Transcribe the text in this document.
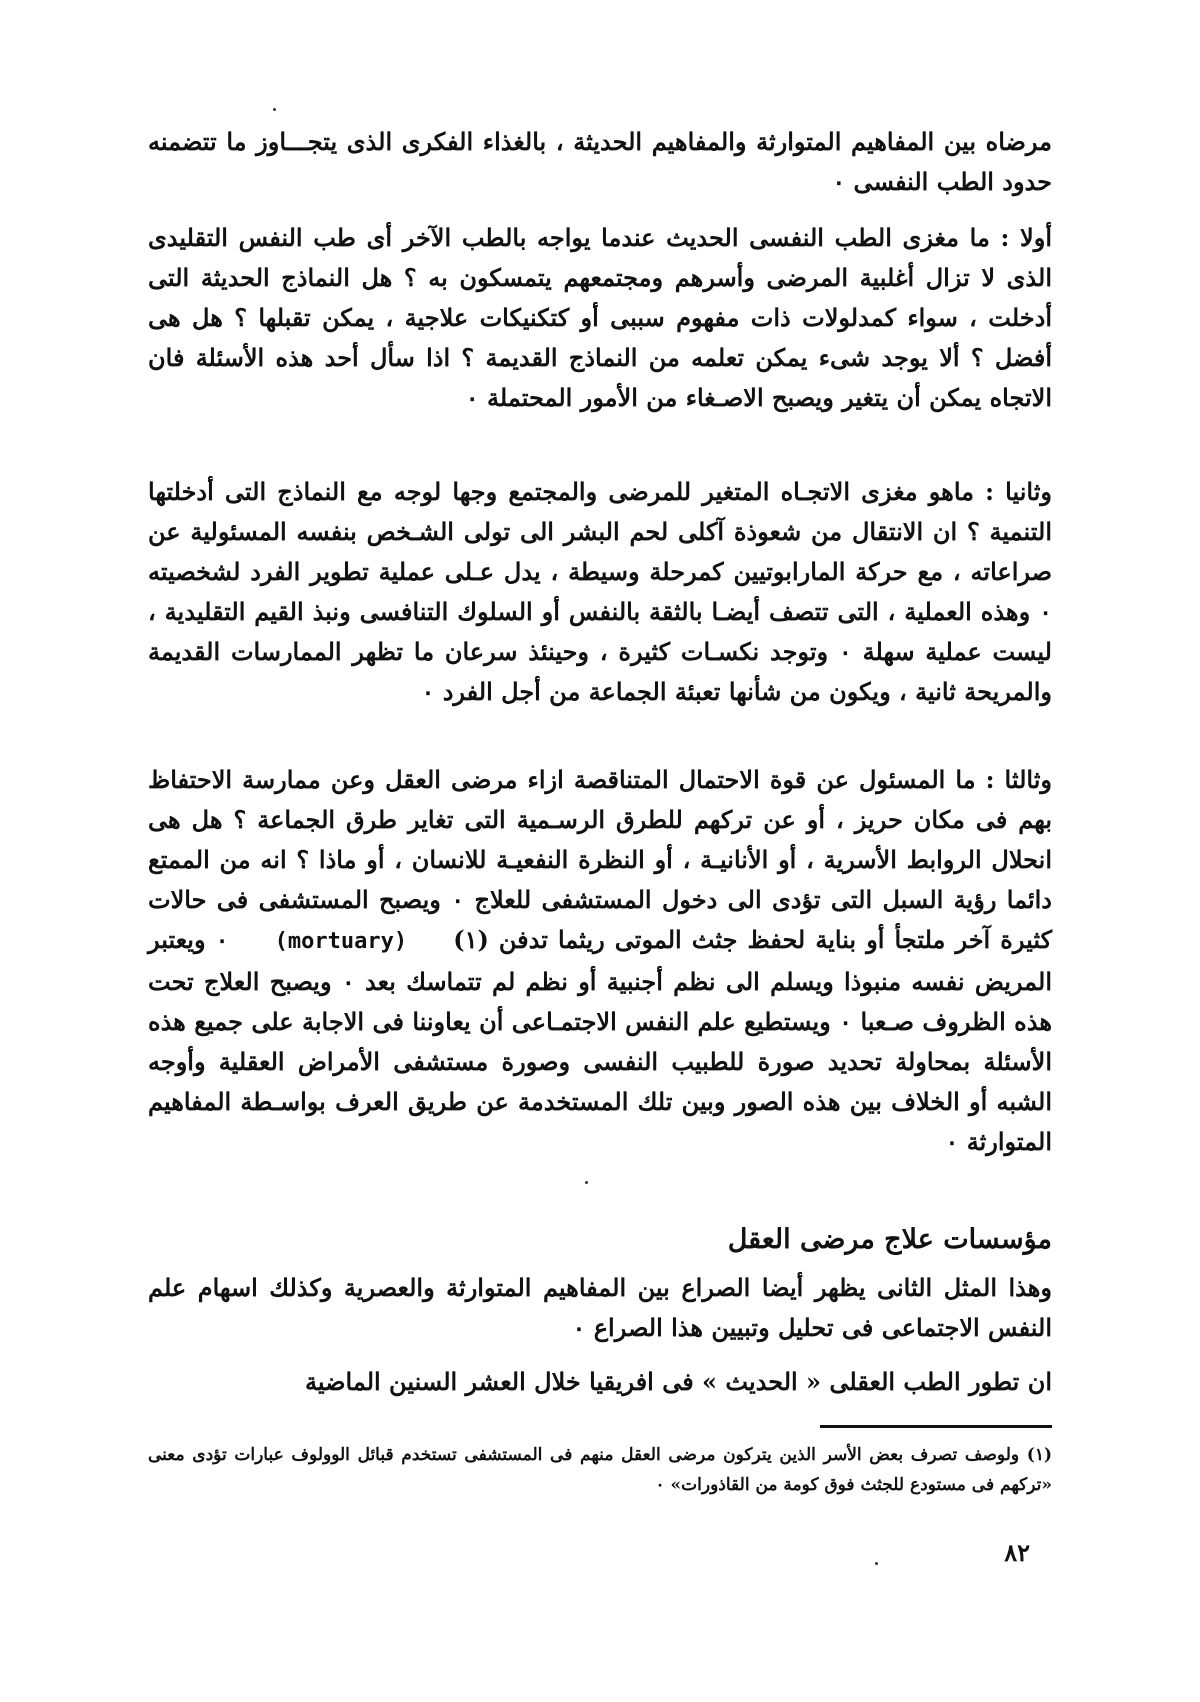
مرضاه بين المفاهيم المتوارثة والمفاهيم الحديثة ، بالغذاء الفكرى الذى يتجـــاوز ما تتضمنه حدود الطب النفسى ٠

أولا : ما مغزى الطب النفسى الحديث عندما يواجه بالطب الآخر أى طب النفس التقليدى الذى لا تزال أغلبية المرضى وأسرهم ومجتمعهم يتمسكون به ؟ هل النماذج الحديثة التى أدخلت ، سواء كمدلولات ذات مفهوم سببى أو كتكنيكات علاجية ، يمكن تقبلها ؟ هل هى أفضل ؟ ألا يوجد شىء يمكن تعلمه من النماذج القديمة ؟ اذا سأل أحد هذه الأسئلة فان الاتجاه يمكن أن يتغير ويصبح الاصـغاء من الأمور المحتملة ٠

وثانيا : ماهو مغزى الاتجـاه المتغير للمرضى والمجتمع وجها لوجه مع النماذج التى أدخلتها التنمية ؟ ان الانتقال من شعوذة آكلى لحم البشر الى تولى الشـخص بنفسه المسئولية عن صراعاته ، مع حركة المارابوتيين كمرحلة وسيطة ، يدل عـلى عملية تطوير الفرد لشخصيته ٠ وهذه العملية ، التى تتصف أيضـا بالثقة بالنفس أو السلوك التنافسى ونبذ القيم التقليدية ، ليست عملية سهلة ٠ وتوجد نكسـات كثيرة ، وحينئذ سرعان ما تظهر الممارسات القديمة والمريحة ثانية ، ويكون من شأنها تعبئة الجماعة من أجل الفرد ٠

وثالثا : ما المسئول عن قوة الاحتمال المتناقصة ازاء مرضى العقل وعن ممارسة الاحتفاظ بهم فى مكان حريز ، أو عن تركهم للطرق الرسـمية التى تغاير طرق الجماعة ؟ هل هى انحلال الروابط الأسرية ، أو الأنانيـة ، أو النظرة النفعيـة للانسان ، أو ماذا ؟ انه من الممتع دائما رؤية السبل التى تؤدى الى دخول المستشفى للعلاج ٠ ويصبح المستشفى فى حالات كثيرة آخر ملتجأ أو بناية لحفظ جثث الموتى ريثما تدفن (١) (mortuary) ٠ ويعتبر المريض نفسه منبوذا ويسلم الى نظم أجنبية أو نظم لم تتماسك بعد ٠ ويصبح العلاج تحت هذه الظروف صـعبا ٠ ويستطيع علم النفس الاجتمـاعى أن يعاوننا فى الاجابة على جميع هذه الأسئلة بمحاولة تحديد صورة للطبيب النفسى وصورة مستشفى الأمراض العقلية وأوجه الشبه أو الخلاف بين هذه الصور وبين تلك المستخدمة عن طريق العرف بواسـطة المفاهيم المتوارثة ٠

مؤسسات علاج مرضى العقل

وهذا المثل الثانى يظهر أيضا الصراع بين المفاهيم المتوارثة والعصرية وكذلك اسهام علم النفس الاجتماعى فى تحليل وتبيين هذا الصراع ٠

ان تطور الطب العقلى « الحديث » فى افريقيا خلال العشر السنين الماضية

(١) ولوصف تصرف بعض الأسر الذين يتركون مرضى العقل منهم فى المستشفى تستخدم قبائل الوولوف عبارات تؤدى معنى «تركهم فى مستودع للجثث فوق كومة من القاذورات» ٠

٨٢
